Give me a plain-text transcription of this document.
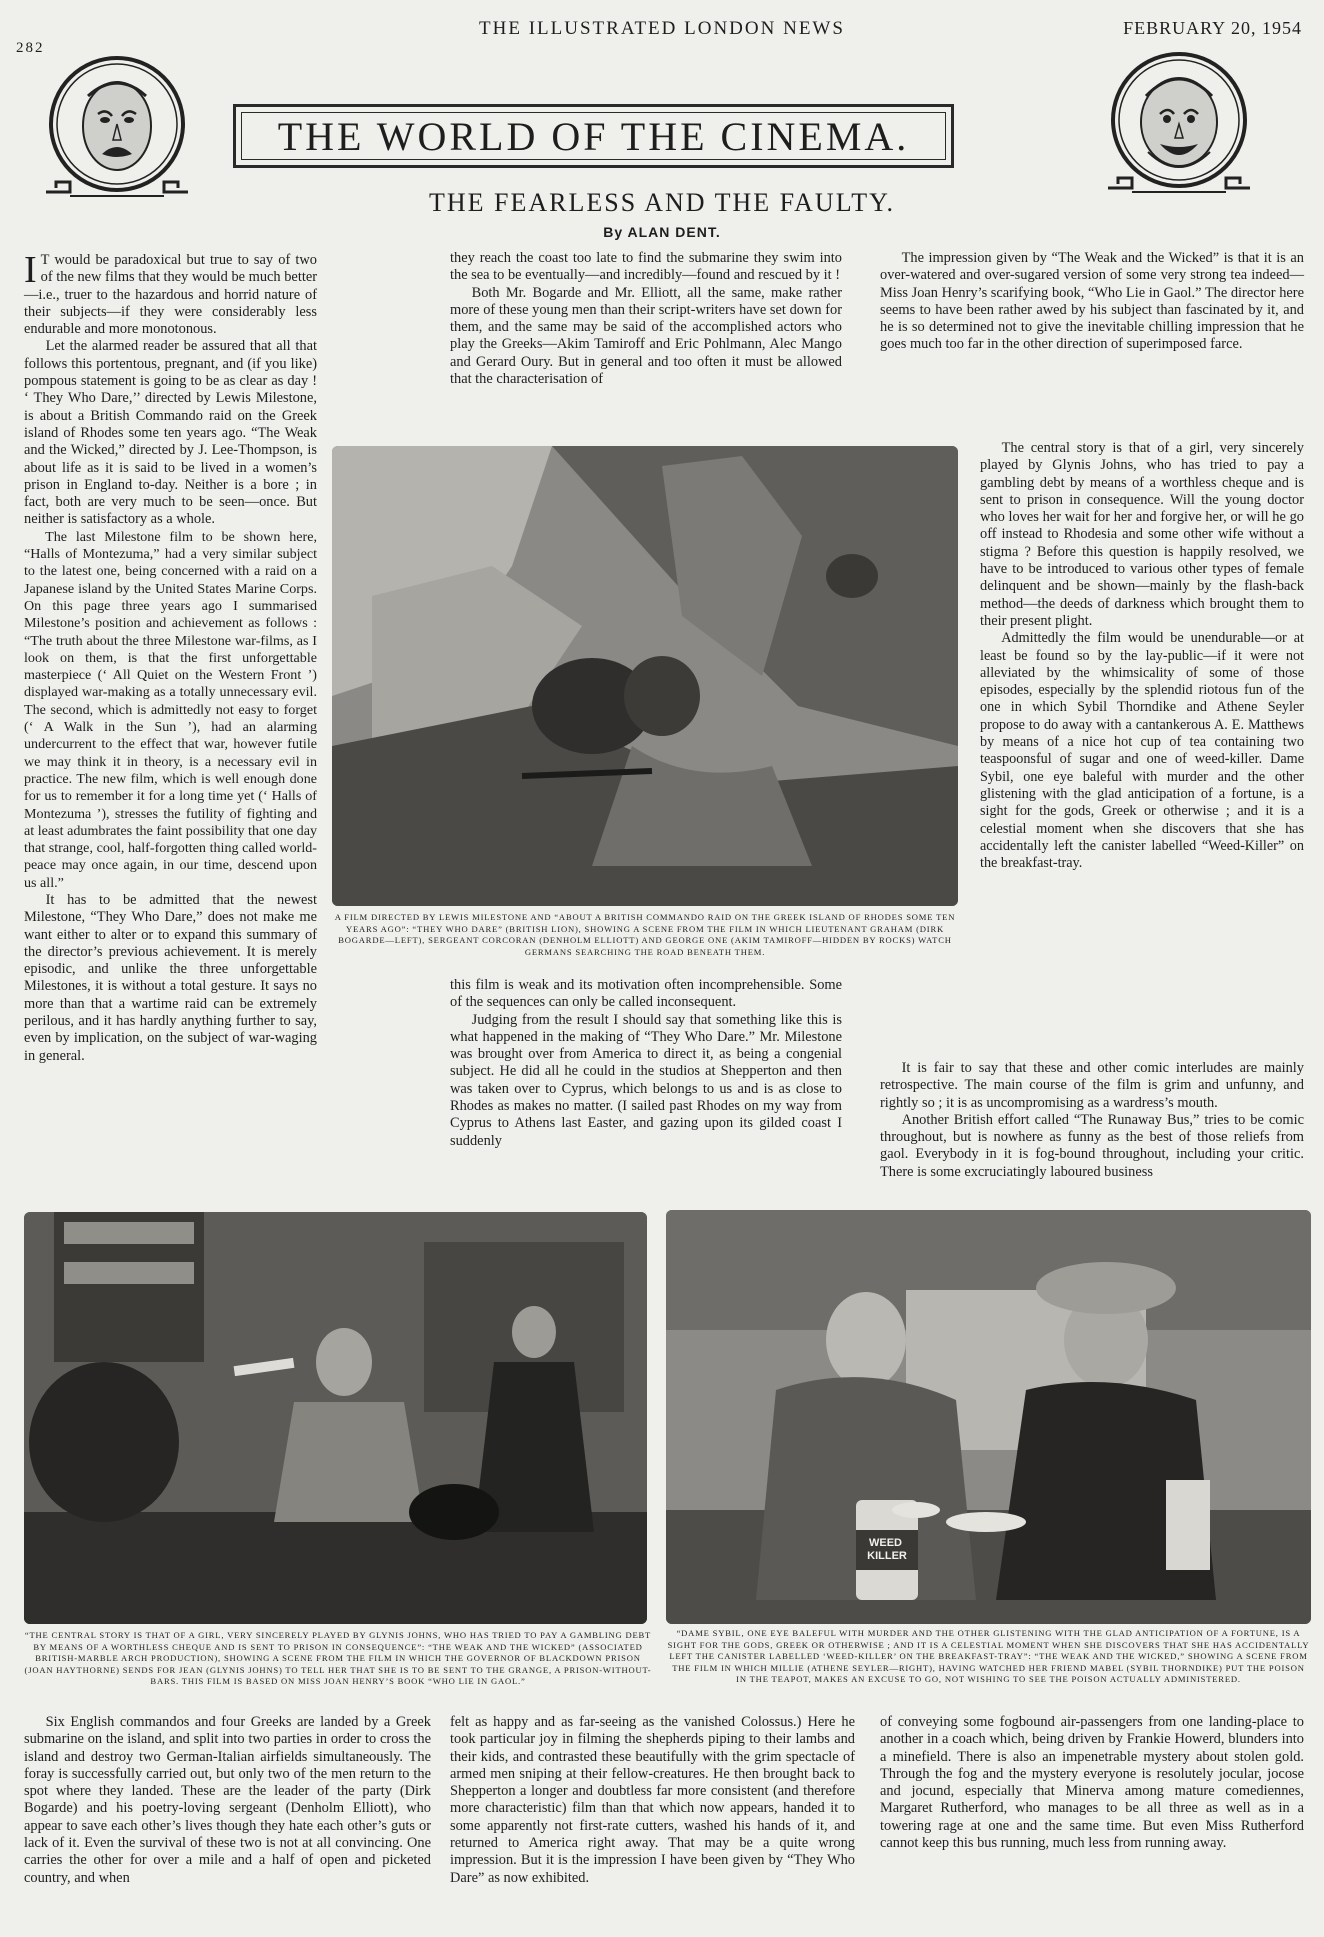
282
THE ILLUSTRATED LONDON NEWS	FEBRUARY 20, 1954
THE WORLD OF THE CINEMA.
THE FEARLESS AND THE FAULTY.
By ALAN DENT.

I T would be paradoxical but true to say of two of the new films that they would be much better—i.e., truer to the hazardous and horrid nature of their subjects—if they were considerably less endurable and more monotonous.

Let the alarmed reader be assured that all that follows this portentous, pregnant, and (if you like) pompous statement is going to be as clear as day ! ‘ They Who Dare,’’ directed by Lewis Milestone, is about a British Commando raid on the Greek island of Rhodes some ten years ago. “The Weak and the Wicked,” directed by J. Lee-Thompson, is about life as it is said to be lived in a women’s prison in England to-day. Neither is a bore ; in fact, both are very much to be seen—once. But neither is satisfactory as a whole.

The last Milestone film to be shown here, “Halls of Montezuma,” had a very similar subject to the latest one, being concerned with a raid on a Japanese island by the United States Marine Corps. On this page three years ago I summarised Milestone’s position and achievement as follows : “The truth about the three Milestone war-films, as I look on them, is that the first unforgettable masterpiece (‘ All Quiet on the Western Front ’) displayed war-making as a totally unnecessary evil. The second, which is admittedly not easy to forget (‘ A Walk in the Sun ’), had an alarming undercurrent to the effect that war, however futile we may think it in theory, is a necessary evil in practice. The new film, which is well enough done for us to remember it for a long time yet (‘ Halls of Montezuma ’), stresses the futility of fighting and at least adumbrates the faint possibility that one day that strange, cool, half-forgotten thing called world-peace may once again, in our time, descend upon us all.”

It has to be admitted that the newest Milestone, “They Who Dare,” does not make me want either to alter or to expand this summary of the director’s previous achievement. It is merely episodic, and unlike the three unforgettable Milestones, it is without a total gesture. It says no more than that a wartime raid can be extremely perilous, and it has hardly anything further to say, even by implication, on the subject of war-waging in general.

they reach the coast too late to find the submarine they swim into the sea to be eventually—and incredibly—found and rescued by it !

Both Mr. Bogarde and Mr. Elliott, all the same, make rather more of these young men than their script-writers have set down for them, and the same may be said of the accomplished actors who play the Greeks—Akim Tamiroff and Eric Pohlmann, Alec Mango and Gerard Oury. But in general and too often it must be allowed that the characterisation of

The impression given by “The Weak and the Wicked” is that it is an over-watered and over-sugared version of some very strong tea indeed—Miss Joan Henry’s scarifying book, “Who Lie in Gaol.” The director here seems to have been rather awed by his subject than fascinated by it, and he is so determined not to give the inevitable chilling impression that he goes much too far in the other direction of superimposed farce.

The central story is that of a girl, very sincerely played by Glynis Johns, who has tried to pay a gambling debt by means of a worthless cheque and is sent to prison in consequence. Will the young doctor who loves her wait for her and forgive her, or will he go off instead to Rhodesia and some other wife without a stigma ? Before this question is happily resolved, we have to be introduced to various other types of female delinquent and be shown—mainly by the flash-back method—the deeds of darkness which brought them to their present plight.

Admittedly the film would be unendurable—or at least be found so by the lay-public—if it were not alleviated by the whimsicality of some of those episodes, especially by the splendid riotous fun of the one in which Sybil Thorndike and Athene Seyler propose to do away with a cantankerous A. E. Matthews by means of a nice hot cup of tea containing two teaspoonsful of sugar and one of weed-killer. Dame Sybil, one eye baleful with murder and the other glistening with the glad anticipation of a fortune, is a sight for the gods, Greek or otherwise ; and it is a celestial moment when she discovers that she has accidentally left the canister labelled “Weed-Killer” on the breakfast-tray.

It is fair to say that these and other comic interludes are mainly retrospective. The main course of the film is grim and unfunny, and rightly so ; it is as uncompromising as a wardress’s mouth.

Another British effort called “The Runaway Bus,” tries to be comic throughout, but is nowhere as funny as the best of those reliefs from gaol. Everybody in it is fog-bound throughout, including your critic. There is some excruciatingly laboured business

A FILM DIRECTED BY LEWIS MILESTONE AND “ABOUT A BRITISH COMMANDO RAID ON THE GREEK ISLAND OF RHODES SOME TEN YEARS AGO”: “THEY WHO DARE” (BRITISH LION), SHOWING A SCENE FROM THE FILM IN WHICH LIEUTENANT GRAHAM (DIRK BOGARDE—LEFT), SERGEANT CORCORAN (DENHOLM ELLIOTT) AND GEORGE ONE (AKIM TAMIROFF—HIDDEN BY ROCKS) WATCH GERMANS SEARCHING THE ROAD BENEATH THEM.

this film is weak and its motivation often incomprehensible. Some of the sequences can only be called inconsequent.

Judging from the result I should say that something like this is what happened in the making of “They Who Dare.” Mr. Milestone was brought over from America to direct it, as being a congenial subject. He did all he could in the studios at Shepperton and then was taken over to Cyprus, which belongs to us and is as close to Rhodes as makes no matter. (I sailed past Rhodes on my way from Cyprus to Athens last Easter, and gazing upon its gilded coast I suddenly

“THE CENTRAL STORY IS THAT OF A GIRL, VERY SINCERELY PLAYED BY GLYNIS JOHNS, WHO HAS TRIED TO PAY A GAMBLING DEBT BY MEANS OF A WORTHLESS CHEQUE AND IS SENT TO PRISON IN CONSEQUENCE”: “THE WEAK AND THE WICKED” (ASSOCIATED BRITISH-MARBLE ARCH PRODUCTION), SHOWING A SCENE FROM THE FILM IN WHICH THE GOVERNOR OF BLACKDOWN PRISON (JOAN HAYTHORNE) SENDS FOR JEAN (GLYNIS JOHNS) TO TELL HER THAT SHE IS TO BE SENT TO THE GRANGE, A PRISON-WITHOUT-BARS. THIS FILM IS BASED ON MISS JOAN HENRY’S BOOK “WHO LIE IN GAOL.”
WEED KILLER
“DAME SYBIL, ONE EYE BALEFUL WITH MURDER AND THE OTHER GLISTENING WITH THE GLAD ANTICIPATION OF A FORTUNE, IS A SIGHT FOR THE GODS, GREEK OR OTHERWISE ; AND IT IS A CELESTIAL MOMENT WHEN SHE DISCOVERS THAT SHE HAS ACCIDENTALLY LEFT THE CANISTER LABELLED ‘WEED-KILLER’ ON THE BREAKFAST-TRAY”: “THE WEAK AND THE WICKED,” SHOWING A SCENE FROM THE FILM IN WHICH MILLIE (ATHENE SEYLER—RIGHT), HAVING WATCHED HER FRIEND MABEL (SYBIL THORNDIKE) PUT THE POISON IN THE TEAPOT, MAKES AN EXCUSE TO GO, NOT WISHING TO SEE THE POISON ACTUALLY ADMINISTERED.

Six English commandos and four Greeks are landed by a Greek submarine on the island, and split into two parties in order to cross the island and destroy two German-Italian airfields simultaneously. The foray is successfully carried out, but only two of the men return to the spot where they landed. These are the leader of the party (Dirk Bogarde) and his poetry-loving sergeant (Denholm Elliott), who appear to save each other’s lives though they hate each other’s guts or lack of it. Even the survival of these two is not at all convincing. One carries the other for over a mile and a half of open and picketed country, and when

felt as happy and as far-seeing as the vanished Colossus.) Here he took particular joy in filming the shepherds piping to their lambs and their kids, and contrasted these beautifully with the grim spectacle of armed men sniping at their fellow-creatures. He then brought back to Shepperton a longer and doubtless far more consistent (and therefore more characteristic) film than that which now appears, handed it to some apparently not first-rate cutters, washed his hands of it, and returned to America right away. That may be a quite wrong impression. But it is the impression I have been given by “They Who Dare” as now exhibited.

of conveying some fogbound air-passengers from one landing-place to another in a coach which, being driven by Frankie Howerd, blunders into a minefield. There is also an impenetrable mystery about stolen gold. Through the fog and the mystery everyone is resolutely jocular, jocose and jocund, especially that Minerva among mature comediennes, Margaret Rutherford, who manages to be all three as well as in a towering rage at one and the same time. But even Miss Rutherford cannot keep this bus running, much less from running away.
